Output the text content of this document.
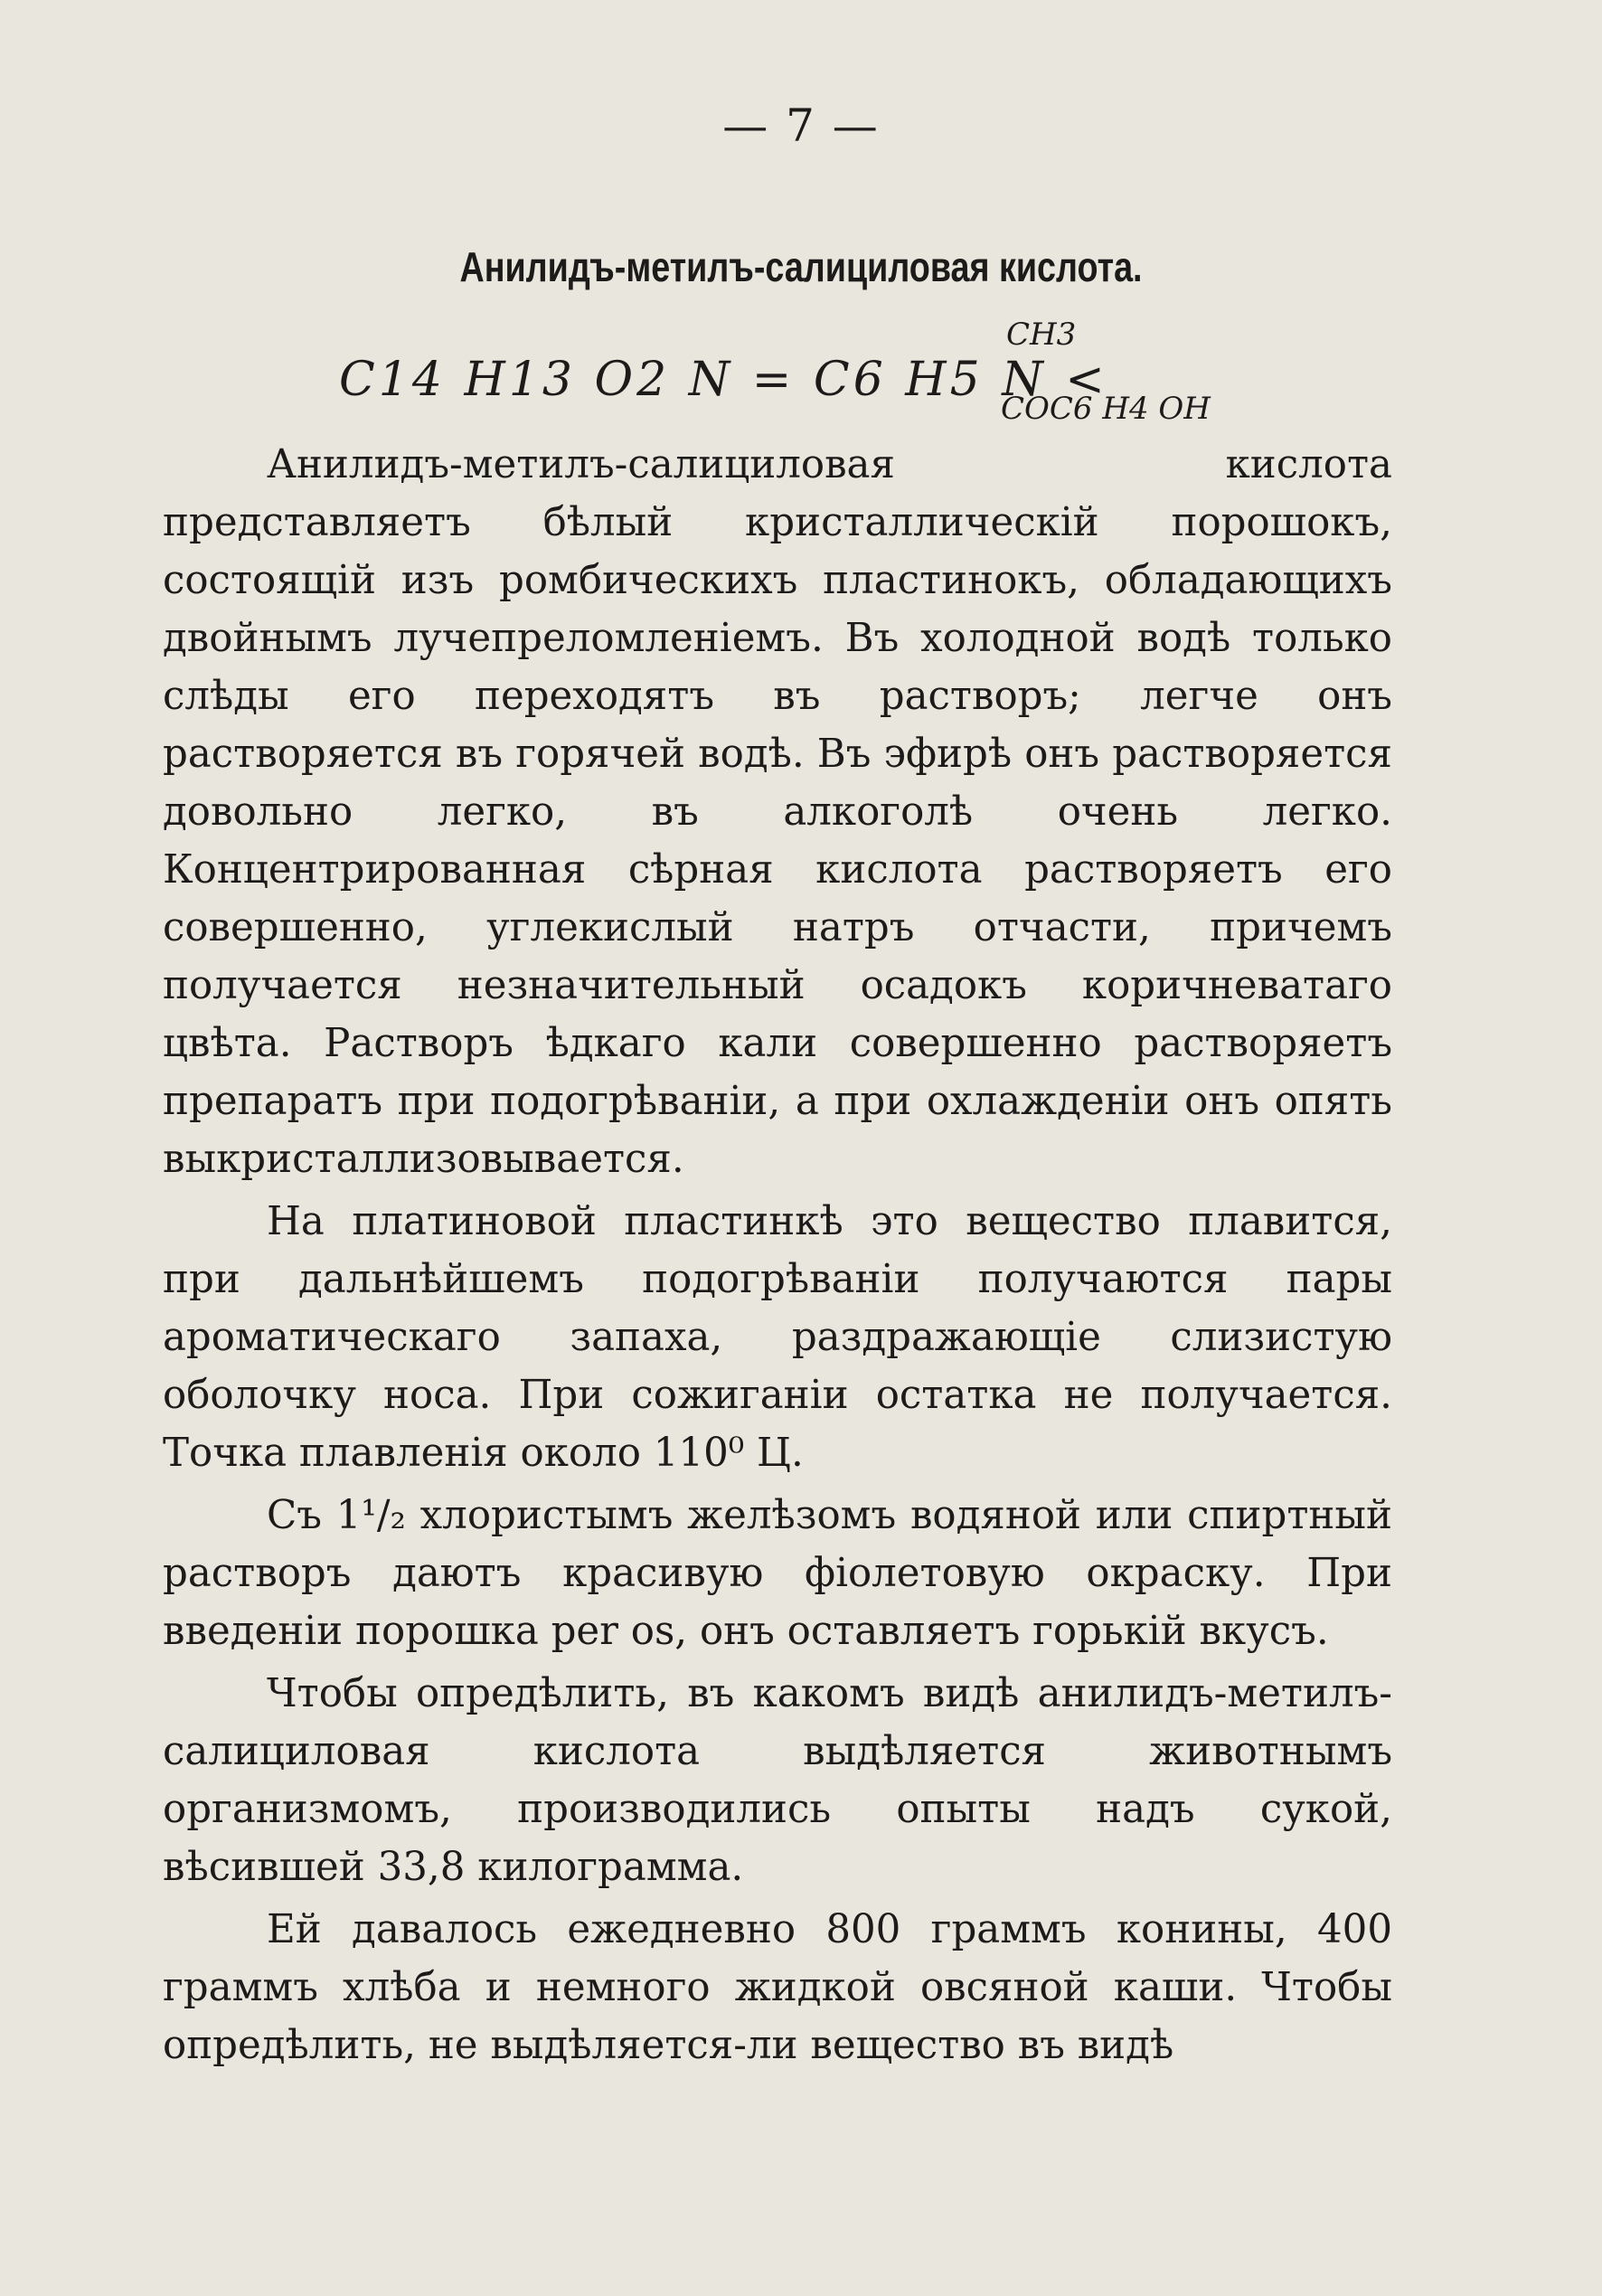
— 7 —
Анилидъ-метилъ-салициловая кислота.
C14 H13 O2 N = C6 H5 N <
CH3
COC6 H4 OH

Анилидъ-метилъ-салициловая кислота представляетъ бѣлый кристаллическій порошокъ, состоящій изъ ромбическихъ пластинокъ, обладающихъ двойнымъ лучепреломленіемъ. Въ холодной водѣ только слѣды его переходятъ въ растворъ; легче онъ растворяется въ горячей водѣ. Въ эфирѣ онъ растворяется довольно легко, въ алкоголѣ очень легко. Концентрированная сѣрная кислота растворяетъ его совершенно, углекислый натръ отчасти, причемъ получается незначительный осадокъ коричневатаго цвѣта. Растворъ ѣдкаго кали совершенно растворяетъ препаратъ при подогрѣваніи, а при охлажденіи онъ опять выкристаллизовывается.

На платиновой пластинкѣ это вещество плавится, при дальнѣйшемъ подогрѣваніи получаются пары ароматическаго запаха, раздражающіе слизистую оболочку носа. При сожиганіи остатка не получается. Точка плавленія около 110⁰ Ц.

Съ 1¹/₂ хлористымъ желѣзомъ водяной или спиртный растворъ даютъ красивую фіолетовую окраску. При введеніи порошка per os, онъ оставляетъ горькій вкусъ.

Чтобы опредѣлить, въ какомъ видѣ анилидъ-метилъ-салициловая кислота выдѣляется животнымъ организмомъ, производились опыты надъ сукой, вѣсившей 33,8 килограмма.

Ей давалось ежедневно 800 граммъ конины, 400 граммъ хлѣба и немного жидкой овсяной каши. Чтобы опредѣлить, не выдѣляется-ли вещество въ видѣ
